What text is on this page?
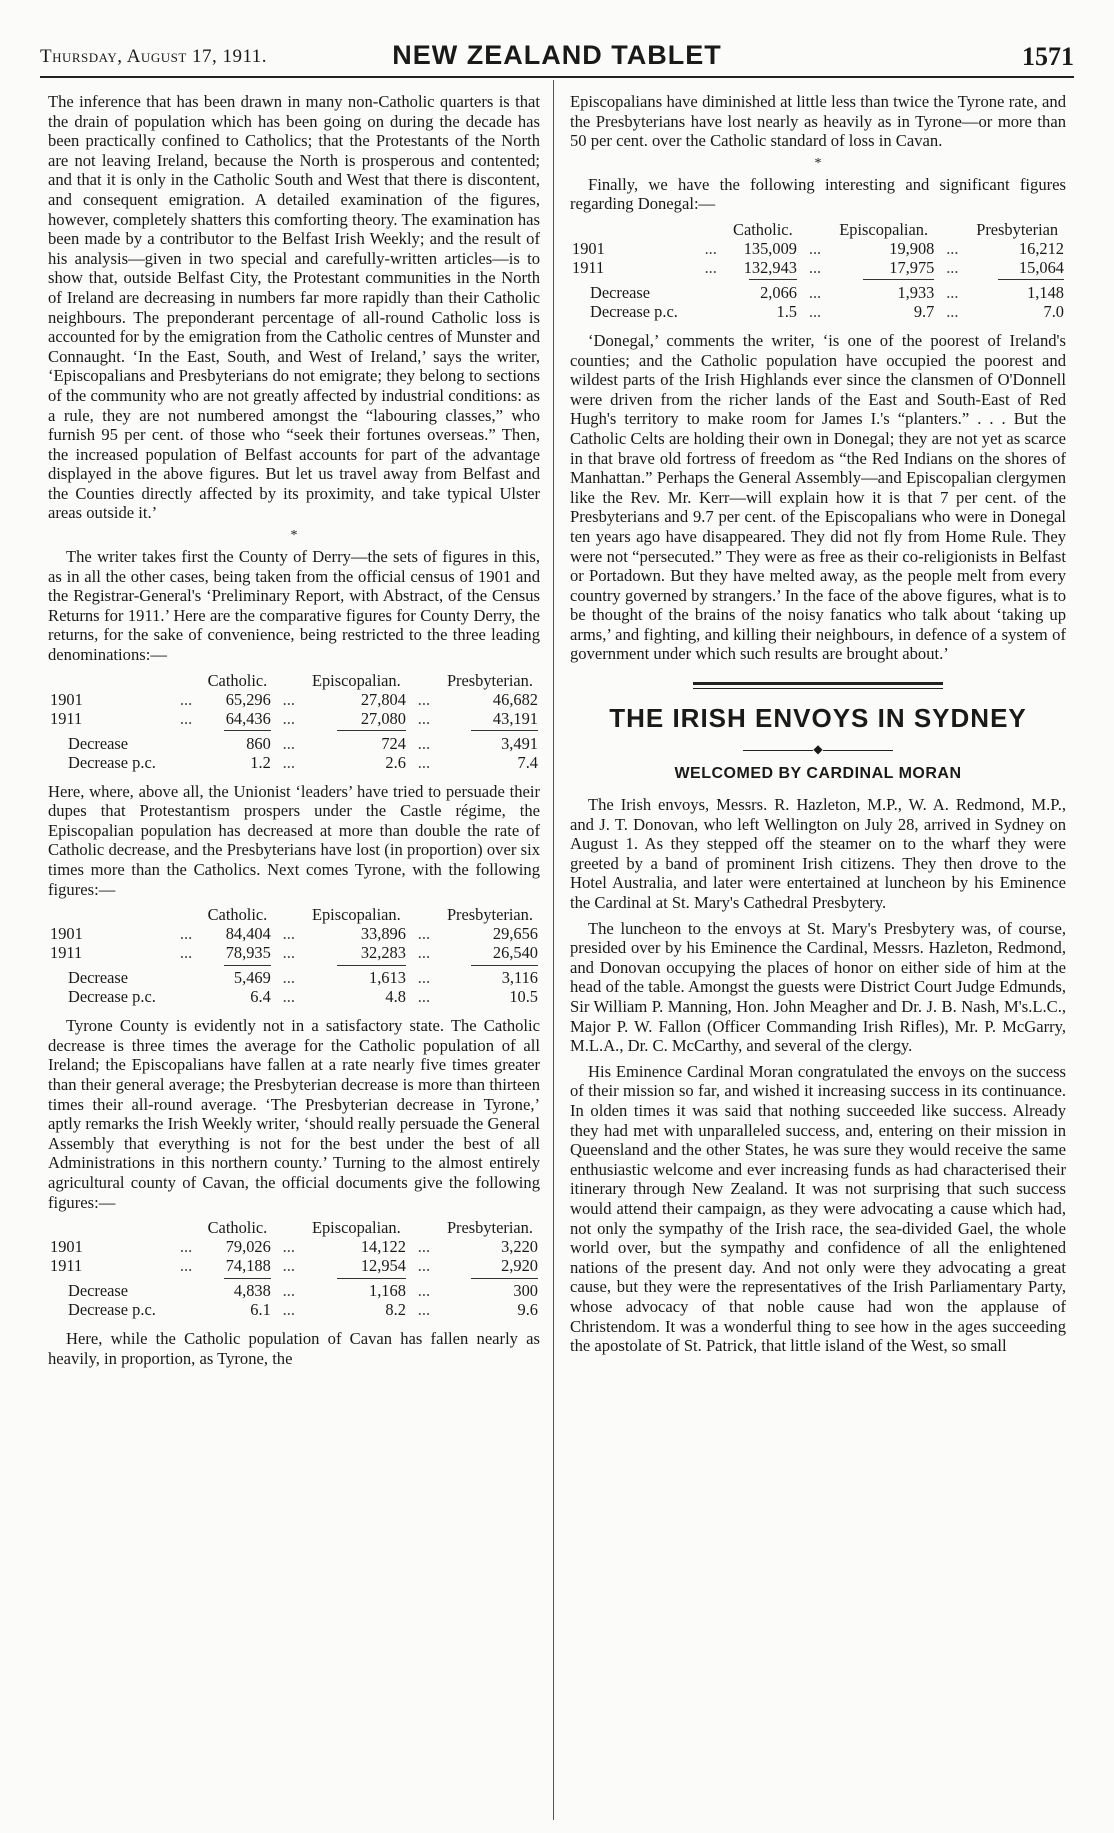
Thursday, August 17, 1911.	NEW ZEALAND TABLET	1571

The inference that has been drawn in many non-Catholic quarters is that the drain of population which has been going on during the decade has been practically confined to Catholics; that the Protestants of the North are not leaving Ireland, because the North is prosperous and contented; and that it is only in the Catholic South and West that there is discontent, and consequent emigration. A detailed examination of the figures, however, completely shatters this comforting theory. The examination has been made by a contributor to the Belfast Irish Weekly; and the result of his analysis—given in two special and carefully-written articles—is to show that, outside Belfast City, the Protestant communities in the North of Ireland are decreasing in numbers far more rapidly than their Catholic neighbours. The preponderant percentage of all-round Catholic loss is accounted for by the emigration from the Catholic centres of Munster and Connaught. ‘In the East, South, and West of Ireland,’ says the writer, ‘Episcopalians and Presbyterians do not emigrate; they belong to sections of the community who are not greatly affected by industrial conditions: as a rule, they are not numbered amongst the “labouring classes,” who furnish 95 per cent. of those who “seek their fortunes overseas.” Then, the increased population of Belfast accounts for part of the advantage displayed in the above figures. But let us travel away from Belfast and the Counties directly affected by its proximity, and take typical Ulster areas outside it.’

*

The writer takes first the County of Derry—the sets of figures in this, as in all the other cases, being taken from the official census of 1901 and the Registrar-General's ‘Preliminary Report, with Abstract, of the Census Returns for 1911.’ Here are the comparative figures for County Derry, the returns, for the sake of convenience, being restricted to the three leading denominations:—

		Catholic.		Episcopalian.		Presbyterian.
1901	...	65,296	...	27,804	...	46,682
1911	...	64,436	...	27,080	...	43,191

Decrease		860	...	724	...	3,491
Decrease p.c.		1.2	...	2.6	...	7.4

Here, where, above all, the Unionist ‘leaders’ have tried to persuade their dupes that Protestantism prospers under the Castle régime, the Episcopalian population has decreased at more than double the rate of Catholic decrease, and the Presbyterians have lost (in proportion) over six times more than the Catholics. Next comes Tyrone, with the following figures:—

		Catholic.		Episcopalian.		Presbyterian.
1901	...	84,404	...	33,896	...	29,656
1911	...	78,935	...	32,283	...	26,540

Decrease		5,469	...	1,613	...	3,116
Decrease p.c.		6.4	...	4.8	...	10.5

Tyrone County is evidently not in a satisfactory state. The Catholic decrease is three times the average for the Catholic population of all Ireland; the Episcopalians have fallen at a rate nearly five times greater than their general average; the Presbyterian decrease is more than thirteen times their all-round average. ‘The Presbyterian decrease in Tyrone,’ aptly remarks the Irish Weekly writer, ‘should really persuade the General Assembly that everything is not for the best under the best of all Administrations in this northern county.’ Turning to the almost entirely agricultural county of Cavan, the official documents give the following figures:—

		Catholic.		Episcopalian.		Presbyterian.
1901	...	79,026	...	14,122	...	3,220
1911	...	74,188	...	12,954	...	2,920

Decrease		4,838	...	1,168	...	300
Decrease p.c.		6.1	...	8.2	...	9.6

Here, while the Catholic population of Cavan has fallen nearly as heavily, in proportion, as Tyrone, the

Episcopalians have diminished at little less than twice the Tyrone rate, and the Presbyterians have lost nearly as heavily as in Tyrone—or more than 50 per cent. over the Catholic standard of loss in Cavan.

*

Finally, we have the following interesting and significant figures regarding Donegal:—

		Catholic.		Episcopalian.		Presbyterian
1901	...	135,009	...	19,908	...	16,212
1911	...	132,943	...	17,975	...	15,064

Decrease		2,066	...	1,933	...	1,148
Decrease p.c.		1.5	...	9.7	...	7.0

‘Donegal,’ comments the writer, ‘is one of the poorest of Ireland's counties; and the Catholic population have occupied the poorest and wildest parts of the Irish Highlands ever since the clansmen of O'Donnell were driven from the richer lands of the East and South-East of Red Hugh's territory to make room for James I.'s “planters.” . . . But the Catholic Celts are holding their own in Donegal; they are not yet as scarce in that brave old fortress of freedom as “the Red Indians on the shores of Manhattan.” Perhaps the General Assembly—and Episcopalian clergymen like the Rev. Mr. Kerr—will explain how it is that 7 per cent. of the Presbyterians and 9.7 per cent. of the Episcopalians who were in Donegal ten years ago have disappeared. They did not fly from Home Rule. They were not “persecuted.” They were as free as their co-religionists in Belfast or Portadown. But they have melted away, as the people melt from every country governed by strangers.’ In the face of the above figures, what is to be thought of the brains of the noisy fanatics who talk about ‘taking up arms,’ and fighting, and killing their neighbours, in defence of a system of government under which such results are brought about.’

THE IRISH ENVOYS IN SYDNEY
◆
WELCOMED BY CARDINAL MORAN

The Irish envoys, Messrs. R. Hazleton, M.P., W. A. Redmond, M.P., and J. T. Donovan, who left Wellington on July 28, arrived in Sydney on August 1. As they stepped off the steamer on to the wharf they were greeted by a band of prominent Irish citizens. They then drove to the Hotel Australia, and later were entertained at luncheon by his Eminence the Cardinal at St. Mary's Cathedral Presbytery.

The luncheon to the envoys at St. Mary's Presbytery was, of course, presided over by his Eminence the Cardinal, Messrs. Hazleton, Redmond, and Donovan occupying the places of honor on either side of him at the head of the table. Amongst the guests were District Court Judge Edmunds, Sir William P. Manning, Hon. John Meagher and Dr. J. B. Nash, M's.L.C., Major P. W. Fallon (Officer Commanding Irish Rifles), Mr. P. McGarry, M.L.A., Dr. C. McCarthy, and several of the clergy.

His Eminence Cardinal Moran congratulated the envoys on the success of their mission so far, and wished it increasing success in its continuance. In olden times it was said that nothing succeeded like success. Already they had met with unparalleled success, and, entering on their mission in Queensland and the other States, he was sure they would receive the same enthusiastic welcome and ever increasing funds as had characterised their itinerary through New Zealand. It was not surprising that such success would attend their campaign, as they were advocating a cause which had, not only the sympathy of the Irish race, the sea-divided Gael, the whole world over, but the sympathy and confidence of all the enlightened nations of the present day. And not only were they advocating a great cause, but they were the representatives of the Irish Parliamentary Party, whose advocacy of that noble cause had won the applause of Christendom. It was a wonderful thing to see how in the ages succeeding the apostolate of St. Patrick, that little island of the West, so small
